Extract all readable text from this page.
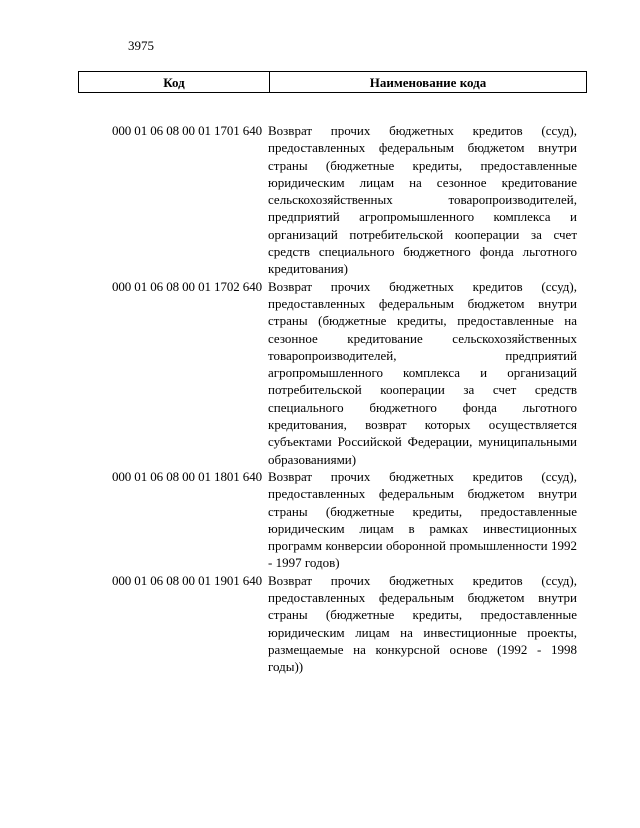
3975
Код	Наименование кода
000 01 06 08 00 01 1701 640 Возврат прочих бюджетных кредитов (ссуд), предоставленных федеральным бюджетом внутри страны (бюджетные кредиты, предоставленные юридическим лицам на сезонное кредитование сельскохозяйственных товаропроизводителей, предприятий агропромышленного комплекса и организаций потребительской кооперации за счет средств специального бюджетного фонда льготного кредитования)
000 01 06 08 00 01 1702 640 Возврат прочих бюджетных кредитов (ссуд), предоставленных федеральным бюджетом внутри страны (бюджетные кредиты, предоставленные на сезонное кредитование сельскохозяйственных товаропроизводителей, предприятий агропромышленного комплекса и организаций потребительской кооперации за счет средств специального бюджетного фонда льготного кредитования, возврат которых осуществляется субъектами Российской Федерации, муниципальными образованиями)
000 01 06 08 00 01 1801 640 Возврат прочих бюджетных кредитов (ссуд), предоставленных федеральным бюджетом внутри страны (бюджетные кредиты, предоставленные юридическим лицам в рамках инвестиционных программ конверсии оборонной промышленности 1992 - 1997 годов)
000 01 06 08 00 01 1901 640 Возврат прочих бюджетных кредитов (ссуд), предоставленных федеральным бюджетом внутри страны (бюджетные кредиты, предоставленные юридическим лицам на инвестиционные проекты, размещаемые на конкурсной основе (1992 - 1998 годы))
